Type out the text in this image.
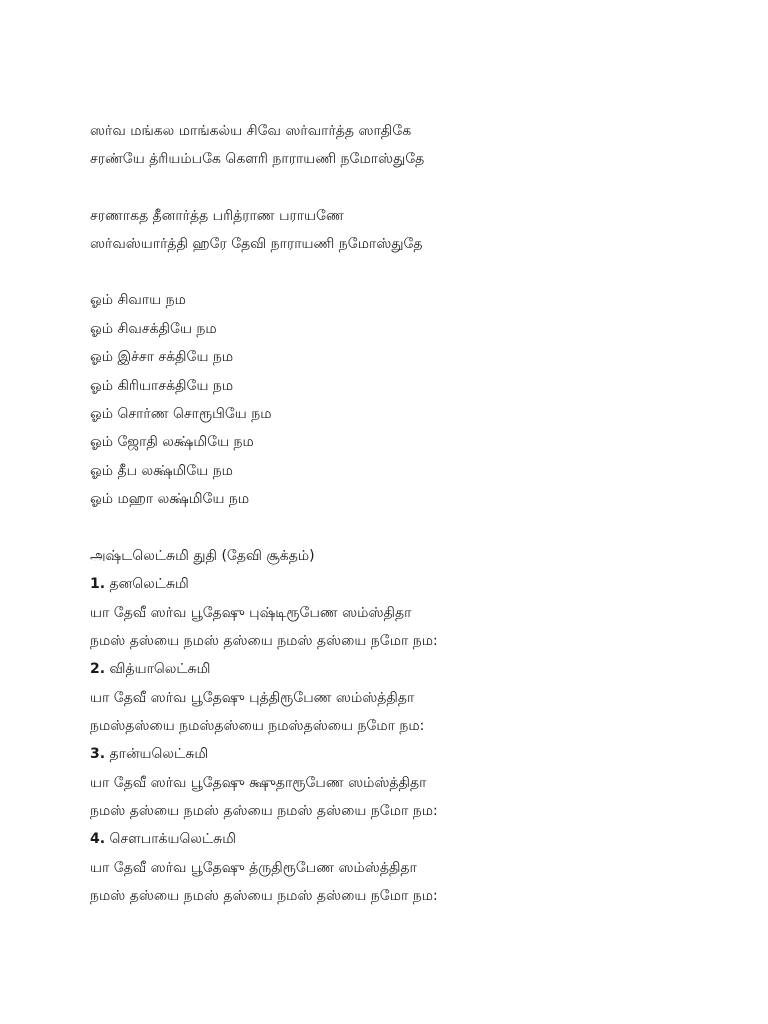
ஸர்வ மங்கல மாங்கல்ய சிவே ஸர்வார்த்த ஸாதிகே
சரண்யே த்ரியம்பகே கௌரி நாராயணி நமோஸ்துதே
சரணாகத தீனார்த்த பரித்ராண பராயணே
ஸர்வஸ்யார்த்தி ஹரே தேவி நாராயணி நமோஸ்துதே
ஓம் சிவாய நம
ஓம் சிவசக்தியே நம
ஓம் இச்சா சக்தியே நம
ஓம் கிரியாசக்தியே நம
ஓம் சொர்ண சொரூபியே நம
ஓம் ஜோதி லக்ஷ்மியே நம
ஓம் தீப லக்ஷ்மியே நம
ஓம் மஹா லக்ஷ்மியே நம
அஷ்டலெட்சுமி துதி (தேவி சூக்தம்)
1. தனலெட்சுமி
யா தேவீ ஸர்வ பூதேஷு புஷ்டிரூபேண ஸம்ஸ்திதா
நமஸ் தஸ்யை நமஸ் தஸ்யை நமஸ் தஸ்யை நமோ நம:
2. வித்யாலெட்சுமி
யா தேவீ ஸர்வ பூதேஷு புத்திரூபேண ஸம்ஸ்த்திதா
நமஸ்தஸ்யை நமஸ்தஸ்யை நமஸ்தஸ்யை நமோ நம:
3. தான்யலெட்சுமி
யா தேவீ ஸர்வ பூதேஷு க்ஷுதாரூபேண ஸம்ஸ்த்திதா
நமஸ் தஸ்யை நமஸ் தஸ்யை நமஸ் தஸ்யை நமோ நம:
4. சௌபாக்யலெட்சுமி
யா தேவீ ஸர்வ பூதேஷு த்ருதிரூபேண ஸம்ஸ்த்திதா
நமஸ் தஸ்யை நமஸ் தஸ்யை நமஸ் தஸ்யை நமோ நம:
